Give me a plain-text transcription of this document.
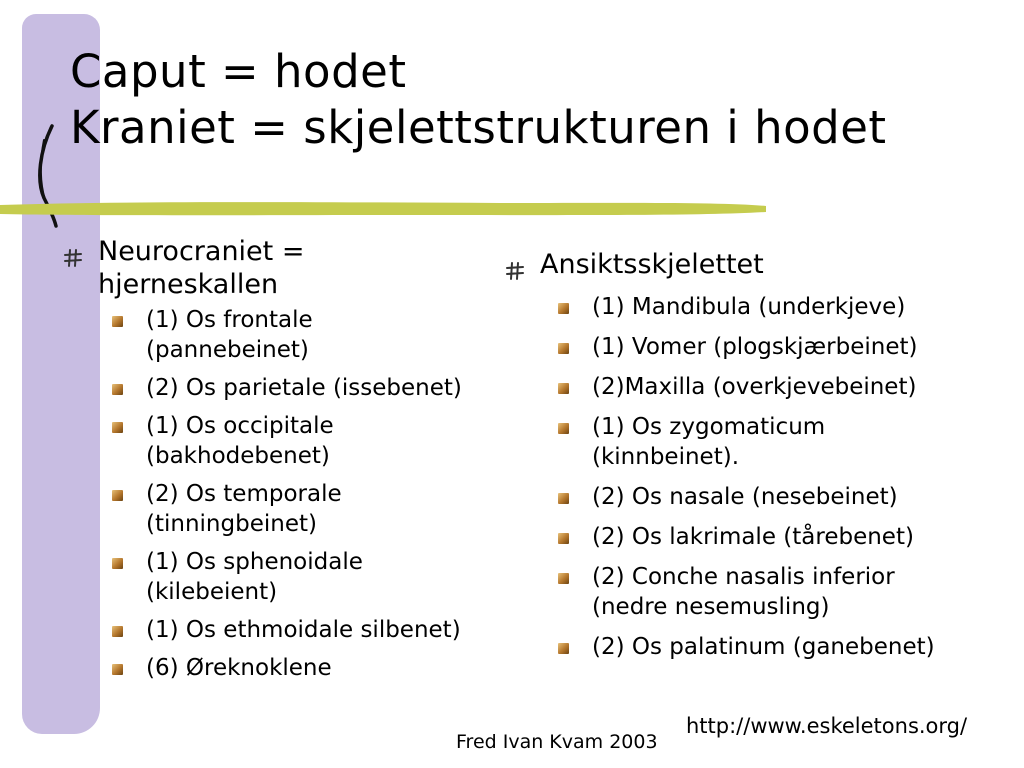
Caput = hodet
Kraniet = skjelettstrukturen i hodet
Neurocraniet =
hjerneskallen
(1) Os frontale
(pannebeinet)
(2) Os parietale (issebenet)
(1) Os occipitale
(bakhodebenet)
(2) Os temporale
(tinningbeinet)
(1) Os sphenoidale
(kilebeient)
(1) Os ethmoidale silbenet)
(6) Øreknoklene
Ansiktsskjelettet
(1) Mandibula (underkjeve)
(1) Vomer (plogskjærbeinet)
(2)Maxilla (overkjevebeinet)
(1) Os zygomaticum
(kinnbeinet).
(2) Os nasale (nesebeinet)
(2) Os lakrimale (tårebenet)
(2) Conche nasalis inferior
(nedre nesemusling)
(2) Os palatinum (ganebenet)
Fred Ivan Kvam 2003
http://www.eskeletons.org/
